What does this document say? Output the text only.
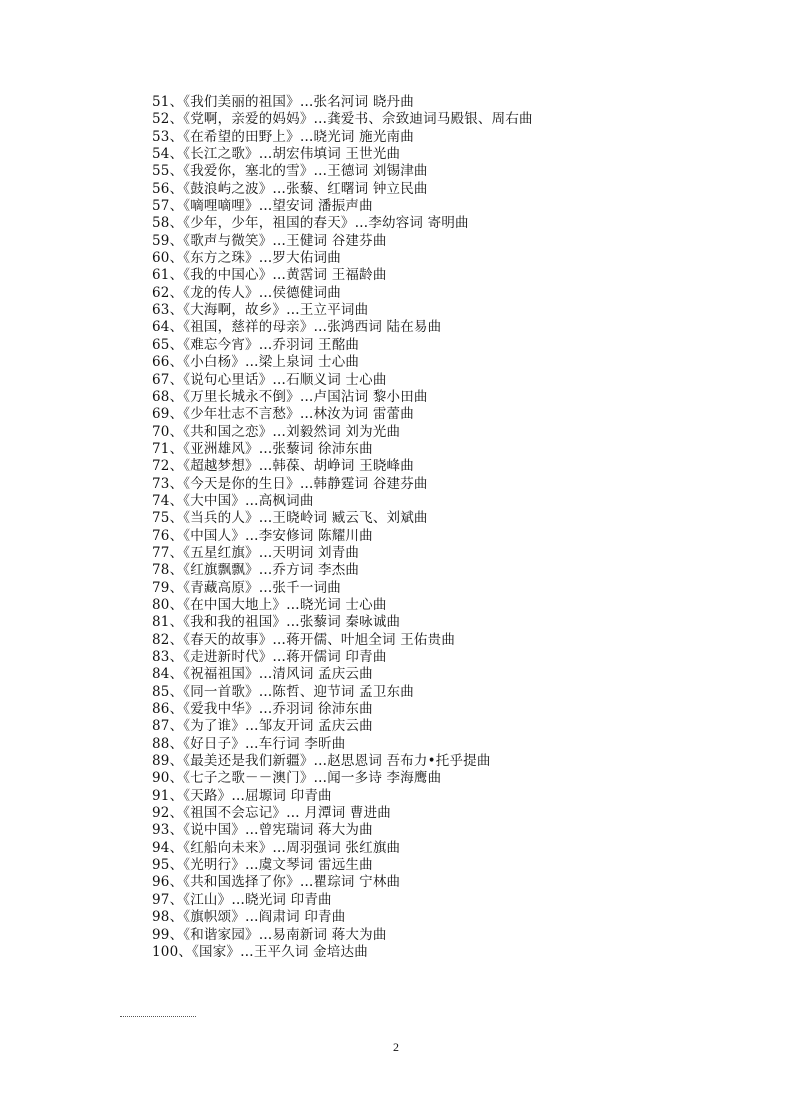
51、《我们美丽的祖国》…张名河词 晓丹曲
52、《党啊，亲爱的妈妈》…龚爱书、佘致迪词马殿银、周右曲
53、《在希望的田野上》…晓光词 施光南曲
54、《长江之歌》…胡宏伟填词 王世光曲
55、《我爱你，塞北的雪》…王德词 刘锡津曲
56、《鼓浪屿之波》…张藜、红曙词 钟立民曲
57、《嘀哩嘀哩》…望安词 潘振声曲
58、《少年，少年，祖国的春天》…李幼容词 寄明曲
59、《歌声与微笑》…王健词 谷建芬曲
60、《东方之珠》…罗大佑词曲
61、《我的中国心》…黄霑词 王福龄曲
62、《龙的传人》…侯德健词曲
63、《大海啊，故乡》…王立平词曲
64、《祖国，慈祥的母亲》…张鸿西词 陆在易曲
65、《难忘今宵》…乔羽词 王酩曲
66、《小白杨》…梁上泉词 士心曲
67、《说句心里话》…石顺义词 士心曲
68、《万里长城永不倒》…卢国沾词 黎小田曲
69、《少年壮志不言愁》…林汝为词 雷蕾曲
70、《共和国之恋》…刘毅然词 刘为光曲
71、《亚洲雄风》…张藜词 徐沛东曲
72、《超越梦想》…韩葆、胡峥词 王晓峰曲
73、《今天是你的生日》…韩静霆词 谷建芬曲
74、《大中国》…高枫词曲
75、《当兵的人》…王晓岭词 臧云飞、刘斌曲
76、《中国人》…李安修词 陈耀川曲
77、《五星红旗》…天明词 刘青曲
78、《红旗飘飘》…乔方词 李杰曲
79、《青藏高原》…张千一词曲
80、《在中国大地上》…晓光词 士心曲
81、《我和我的祖国》…张藜词 秦咏诚曲
82、《春天的故事》…蒋开儒、叶旭全词 王佑贵曲
83、《走进新时代》…蒋开儒词 印青曲
84、《祝福祖国》…清风词 孟庆云曲
85、《同一首歌》…陈哲、迎节词 孟卫东曲
86、《爱我中华》…乔羽词 徐沛东曲
87、《为了谁》…邹友开词 孟庆云曲
88、《好日子》…车行词 李昕曲
89、《最美还是我们新疆》…赵思恩词 吾布力•托乎提曲
90、《七子之歌－－澳门》…闻一多诗 李海鹰曲
91、《天路》…屈塬词 印青曲
92、《祖国不会忘记》… 月潭词 曹进曲
93、《说中国》…曾宪瑞词 蒋大为曲
94、《红船向未来》…周羽强词 张红旗曲
95、《光明行》…虞文琴词 雷远生曲
96、《共和国选择了你》…瞿琮词 宁林曲
97、《江山》…晓光词 印青曲
98、《旗帜颂》…阎肃词 印青曲
99、《和谐家园》…易南新词 蒋大为曲
100、《国家》…王平久词 金培达曲
2
